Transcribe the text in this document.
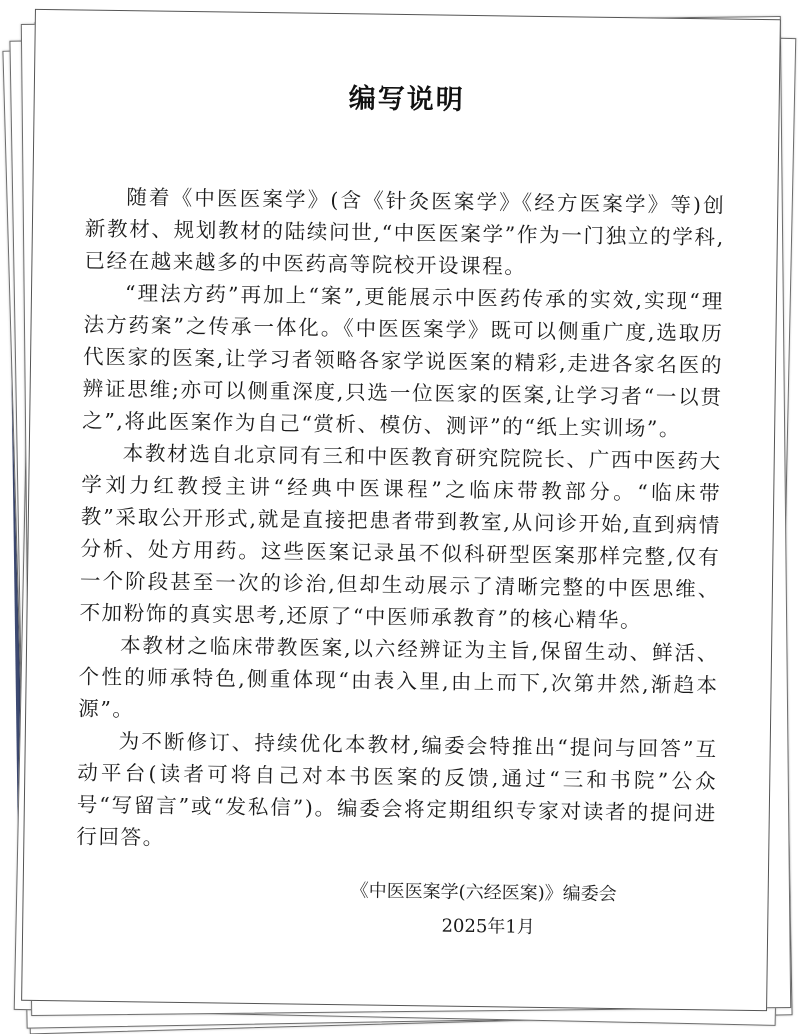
编写说明

随着《中医医案学》(含《针灸医案学》《经方医案学》等)创新教材、规划教材的陆续问世,“中医医案学”作为一门独立的学科,已经在越来越多的中医药高等院校开设课程。

“理法方药”再加上“案”,更能展示中医药传承的实效,实现“理法方药案”之传承一体化。《中医医案学》既可以侧重广度,选取历代医家的医案,让学习者领略各家学说医案的精彩,走进各家名医的辨证思维;亦可以侧重深度,只选一位医家的医案,让学习者“一以贯之”,将此医案作为自己“赏析、模仿、测评”的“纸上实训场”。

本教材选自北京同有三和中医教育研究院院长、广西中医药大学刘力红教授主讲“经典中医课程”之临床带教部分。“临床带教”采取公开形式,就是直接把患者带到教室,从问诊开始,直到病情分析、处方用药。这些医案记录虽不似科研型医案那样完整,仅有一个阶段甚至一次的诊治,但却生动展示了清晰完整的中医思维、不加粉饰的真实思考,还原了“中医师承教育”的核心精华。

本教材之临床带教医案,以六经辨证为主旨,保留生动、鲜活、个性的师承特色,侧重体现“由表入里,由上而下,次第井然,渐趋本源”。

为不断修订、持续优化本教材,编委会特推出“提问与回答”互动平台(读者可将自己对本书医案的反馈,通过“三和书院”公众号“写留言”或“发私信”)。编委会将定期组织专家对读者的提问进行回答。

《中医医案学(六经医案)》编委会
2025年1月
